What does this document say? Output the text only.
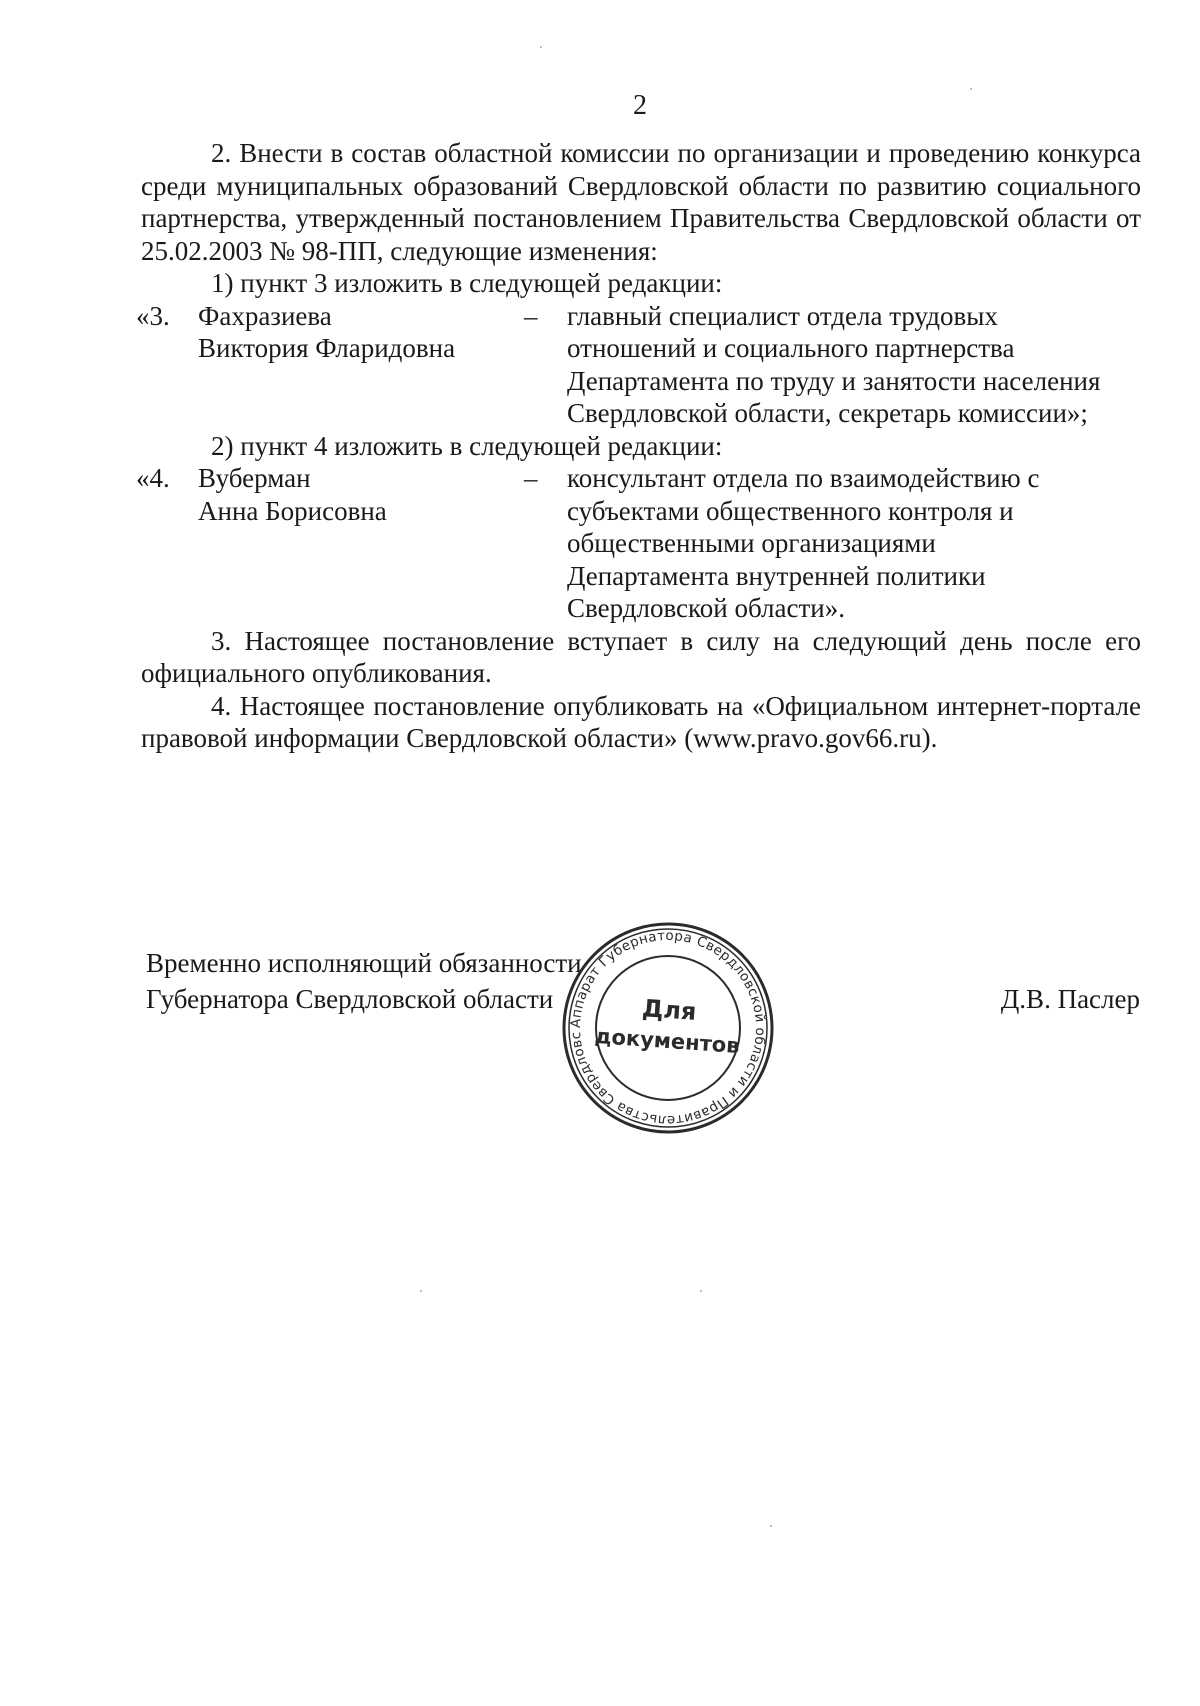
2

2. Внести в состав областной комиссии по организации и проведению конкурса среди муниципальных образований Свердловской области по развитию социального партнерства, утвержденный постановлением Правительства Свердловской области от 25.02.2003 № 98-ПП, следующие изменения:

1) пункт 3 изложить в следующей редакции:

«3. Фахразиева
Виктория Фларидовна
– главный специалист отдела трудовых
отношений и социального партнерства
Департамента по труду и занятости населения
Свердловской области, секретарь комиссии»;

2) пункт 4 изложить в следующей редакции:

«4. Вуберман
Анна Борисовна
– консультант отдела по взаимодействию с
субъектами общественного контроля и
общественными организациями
Департамента внутренней политики
Свердловской области».

3. Настоящее постановление вступает в силу на следующий день после его официального опубликования.

4. Настоящее постановление опубликовать на «Официальном интернет-портале правовой информации Свердловской области» (www.pravo.gov66.ru).

Временно исполняющий обязанности
Губернатора Свердловской области	Д.В. Паслер
Аппарат Губернатора Свердловской области и Правительства Свердловс
Для
документов
